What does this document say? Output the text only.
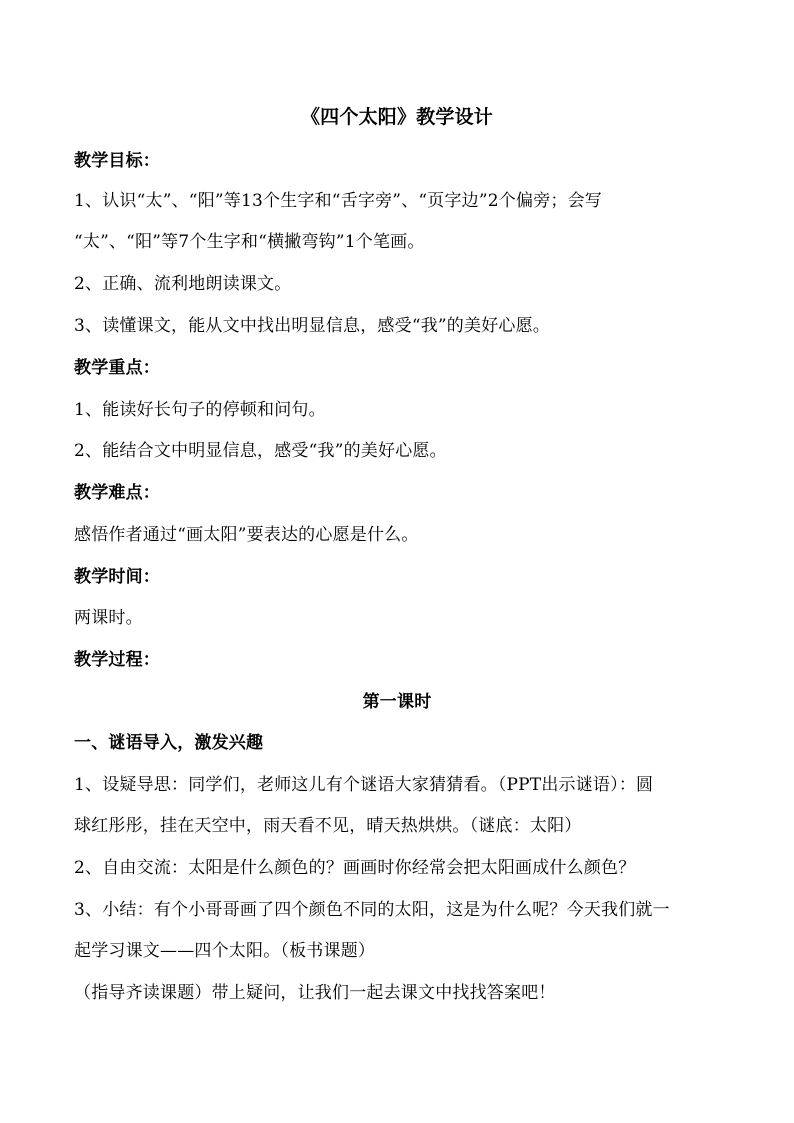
《四个太阳》教学设计
教学目标：
1、认识“太”、“阳”等13个生字和“舌字旁”、“页字边”2个偏旁；会写
“太”、“阳”等7个生字和“横撇弯钩”1个笔画。
2、正确、流利地朗读课文。
3、读懂课文，能从文中找出明显信息，感受“我”的美好心愿。
教学重点：
1、能读好长句子的停顿和问句。
2、能结合文中明显信息，感受“我”的美好心愿。
教学难点：
感悟作者通过“画太阳”要表达的心愿是什么。
教学时间：
两课时。
教学过程：
第一课时
一、谜语导入，激发兴趣
1、设疑导思：同学们，老师这儿有个谜语大家猜猜看。（PPT出示谜语）：圆
球红彤彤，挂在天空中，雨天看不见，晴天热烘烘。（谜底：太阳）
2、自由交流：太阳是什么颜色的？画画时你经常会把太阳画成什么颜色？
3、小结：有个小哥哥画了四个颜色不同的太阳，这是为什么呢？今天我们就一
起学习课文——四个太阳。（板书课题）
（指导齐读课题）带上疑问，让我们一起去课文中找找答案吧！
